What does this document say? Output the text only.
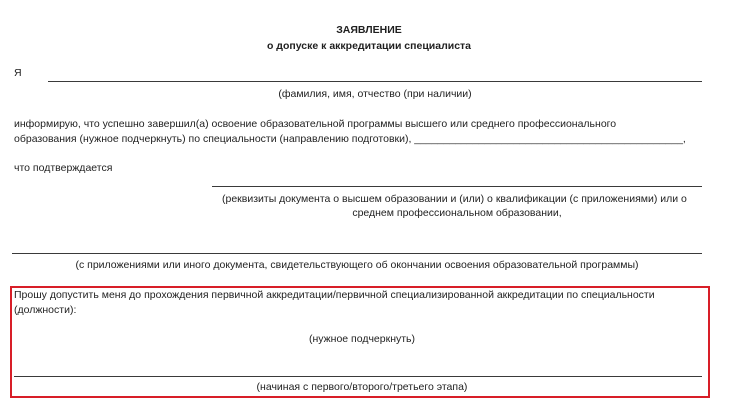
ЗАЯВЛЕНИЕ
о допуске к аккредитации специалиста
Я
(фамилия, имя, отчество (при наличии)
информирую, что успешно завершил(а) освоение образовательной программы высшего или среднего профессионального
образования (нужное подчеркнуть) по специальности (направлению подготовки), ______________________________________________,
что подтверждается
(реквизиты документа о высшем образовании и (или) о квалификации (с приложениями) или о
среднем профессиональном образовании,
(с приложениями или иного документа, свидетельствующего об окончании освоения образовательной программы)
Прошу допустить меня до прохождения первичной аккредитации/первичной специализированной аккредитации по специальности
(должности):
(нужное подчеркнуть)
(начиная с первого/второго/третьего этапа)
